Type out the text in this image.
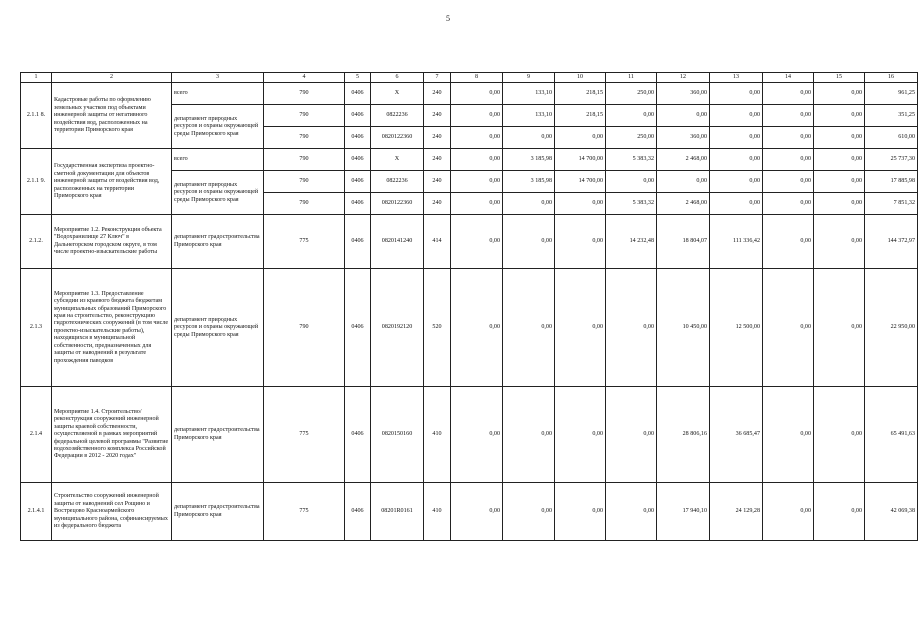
5
1	2	3	4	5	6	7	8	9	10	11	12	13	14	15	16
2.1.1 8.	Кадастровые работы по оформлению земельных участков под объектами инженерной защиты от негативного воздействия вод, расположенных на территории Приморского края	всего	790	0406	X	240	0,00	133,10	218,15	250,00	360,00	0,00	0,00	0,00	961,25
		департамент природных ресурсов и охраны окружающей среды Приморского края	790	0406	0822236	240	0,00	133,10	218,15	0,00	0,00	0,00	0,00	0,00	351,25
			790	0406	0820122360	240	0,00	0,00	0,00	250,00	360,00	0,00	0,00	0,00	610,00
2.1.1 9.	Государственная экспертиза проектно-сметной документации для объектов инженерной защиты от воздействия вод, расположенных на территории Приморского края	всего	790	0406	X	240	0,00	3 185,98	14 700,00	5 383,32	2 468,00	0,00	0,00	0,00	25 737,30
		департамент природных ресурсов и охраны окружающей среды Приморского края	790	0406	0822236	240	0,00	3 185,98	14 700,00	0,00	0,00	0,00	0,00	0,00	17 885,98
			790	0406	0820122360	240	0,00	0,00	0,00	5 383,32	2 468,00	0,00	0,00	0,00	7 851,32
2.1.2.	Мероприятие 1.2. Реконструкция объекта "Водохранилище 27 Ключ" в Дальнегорском городском округе, в том числе проектно-изыскательские работы	департамент градостроительства Приморского края	775	0406	0820141240	414	0,00	0,00	0,00	14 232,48	18 804,07	111 336,42	0,00	0,00	144 372,97
2.1.3	Мероприятие 1.3. Предоставление субсидии из краевого бюджета бюджетам муниципальных образований Приморского края на строительство, реконструкцию гидротехнических сооружений (в том числе проектно-изыскательские работы), находящихся в муниципальной собственности, предназначенных для защиты от наводнений в результате прохождения паводков	департамент природных ресурсов и охраны окружающей среды Приморского края	790	0406	0820192120	520	0,00	0,00	0,00	0,00	10 450,00	12 500,00	0,00	0,00	22 950,00
2.1.4	Мероприятие 1.4. Строительство/реконструкция сооружений инженерной защиты краевой собственности, осуществляемой в рамках мероприятий федеральной целевой программы "Развитие водохозяйственного комплекса Российской Федерации в 2012 - 2020 годах"	департамент градостроительства Приморского края	775	0406	0820150160	410	0,00	0,00	0,00	0,00	28 806,16	36 685,47	0,00	0,00	65 491,63
2.1.4.1	Строительство сооружений инженерной защиты от наводнений сел Рощино и Вострецово Красноармейского муниципального района, софинансируемых из федерального бюджета	департамент градостроительства Приморского края	775	0406	08201R0161	410	0,00	0,00	0,00	0,00	17 940,10	24 129,28	0,00	0,00	42 069,38
